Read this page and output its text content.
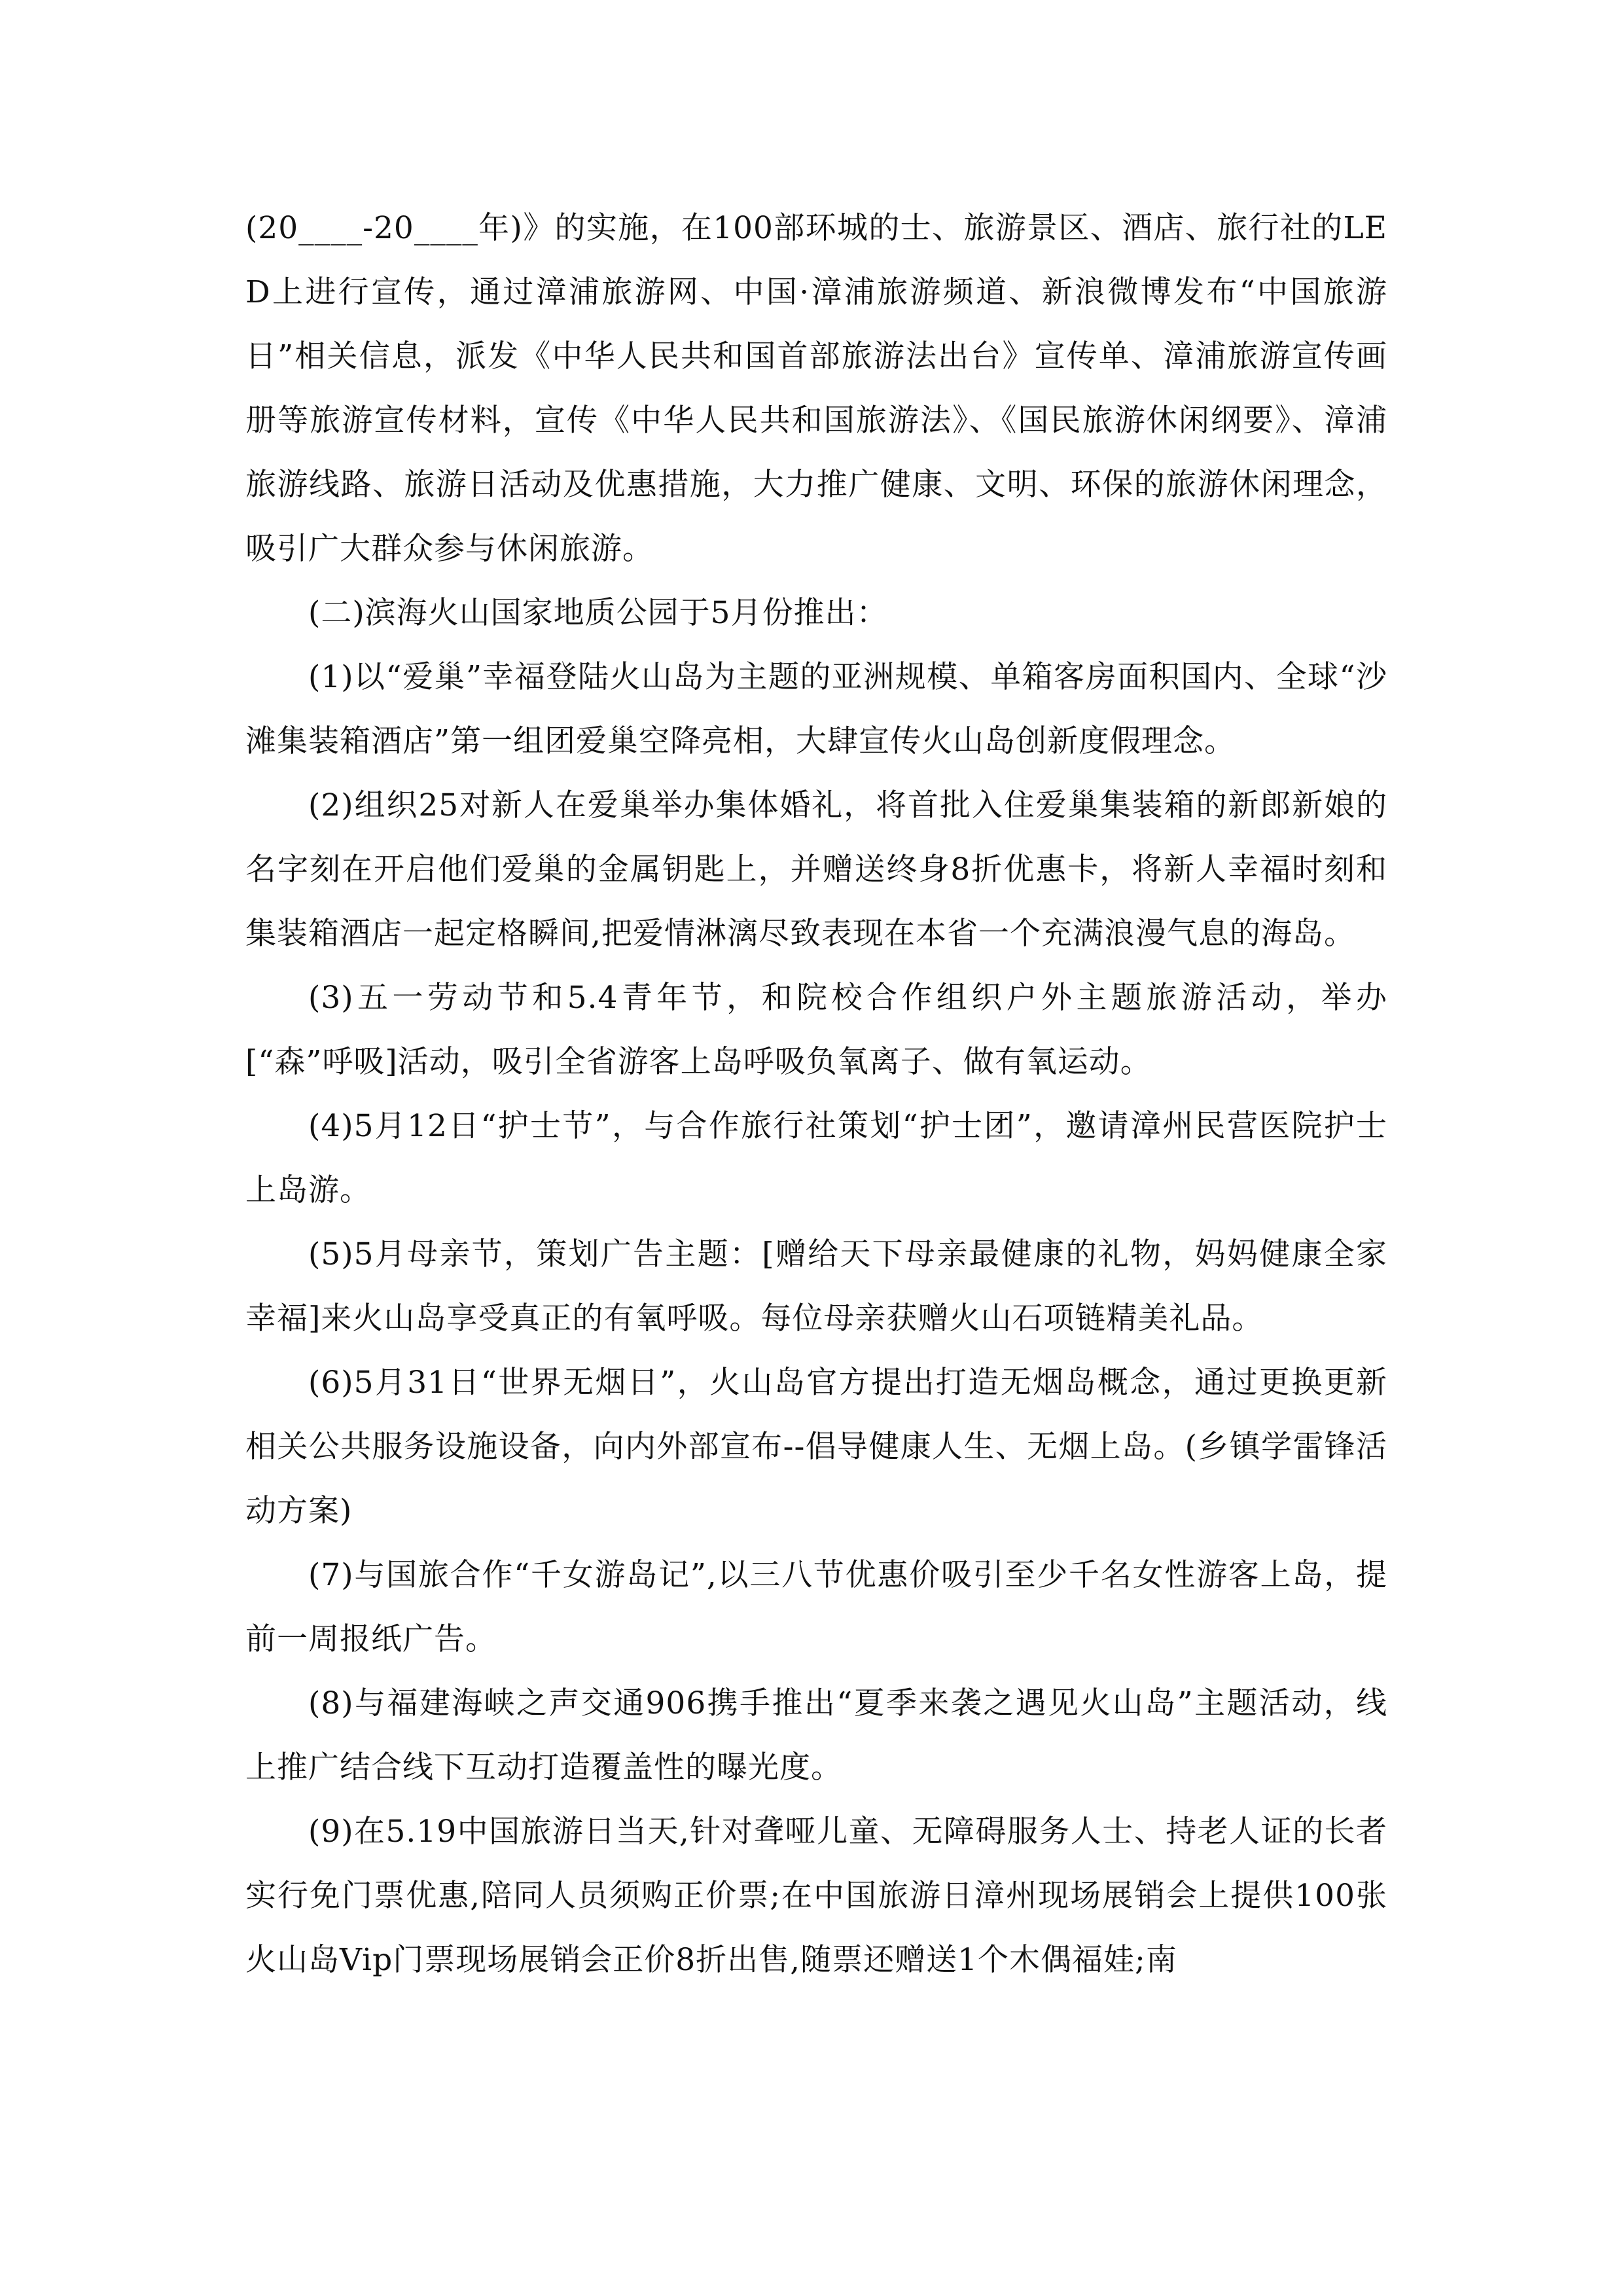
(20____-20____年)》的实施，在100部环城的士、旅游景区、酒店、旅行社的LED上进行宣传，通过漳浦旅游网、中国·漳浦旅游频道、新浪微博发布“中国旅游日”相关信息，派发《中华人民共和国首部旅游法出台》宣传单、漳浦旅游宣传画册等旅游宣传材料，宣传《中华人民共和国旅游法》、《国民旅游休闲纲要》、漳浦旅游线路、旅游日活动及优惠措施，大力推广健康、文明、环保的旅游休闲理念，吸引广大群众参与休闲旅游。

(二)滨海火山国家地质公园于5月份推出：

(1)以“爱巢”幸福登陆火山岛为主题的亚洲规模、单箱客房面积国内、全球“沙滩集装箱酒店”第一组团爱巢空降亮相，大肆宣传火山岛创新度假理念。

(2)组织25对新人在爱巢举办集体婚礼，将首批入住爱巢集装箱的新郎新娘的名字刻在开启他们爱巢的金属钥匙上，并赠送终身8折优惠卡，将新人幸福时刻和集装箱酒店一起定格瞬间,把爱情淋漓尽致表现在本省一个充满浪漫气息的海岛。

(3)五一劳动节和5.4青年节，和院校合作组织户外主题旅游活动，举办[“森”呼吸]活动，吸引全省游客上岛呼吸负氧离子、做有氧运动。

(4)5月12日“护士节”，与合作旅行社策划“护士团”，邀请漳州民营医院护士上岛游。

(5)5月母亲节，策划广告主题：[赠给天下母亲最健康的礼物，妈妈健康全家幸福]来火山岛享受真正的有氧呼吸。每位母亲获赠火山石项链精美礼品。

(6)5月31日“世界无烟日”，火山岛官方提出打造无烟岛概念，通过更换更新相关公共服务设施设备，向内外部宣布--倡导健康人生、无烟上岛。(乡镇学雷锋活动方案)

(7)与国旅合作“千女游岛记”,以三八节优惠价吸引至少千名女性游客上岛，提前一周报纸广告。

(8)与福建海峡之声交通906携手推出“夏季来袭之遇见火山岛”主题活动，线上推广结合线下互动打造覆盖性的曝光度。

(9)在5.19中国旅游日当天,针对聋哑儿童、无障碍服务人士、持老人证的长者实行免门票优惠,陪同人员须购正价票;在中国旅游日漳州现场展销会上提供100张火山岛Vip门票现场展销会正价8折出售,随票还赠送1个木偶福娃;南
